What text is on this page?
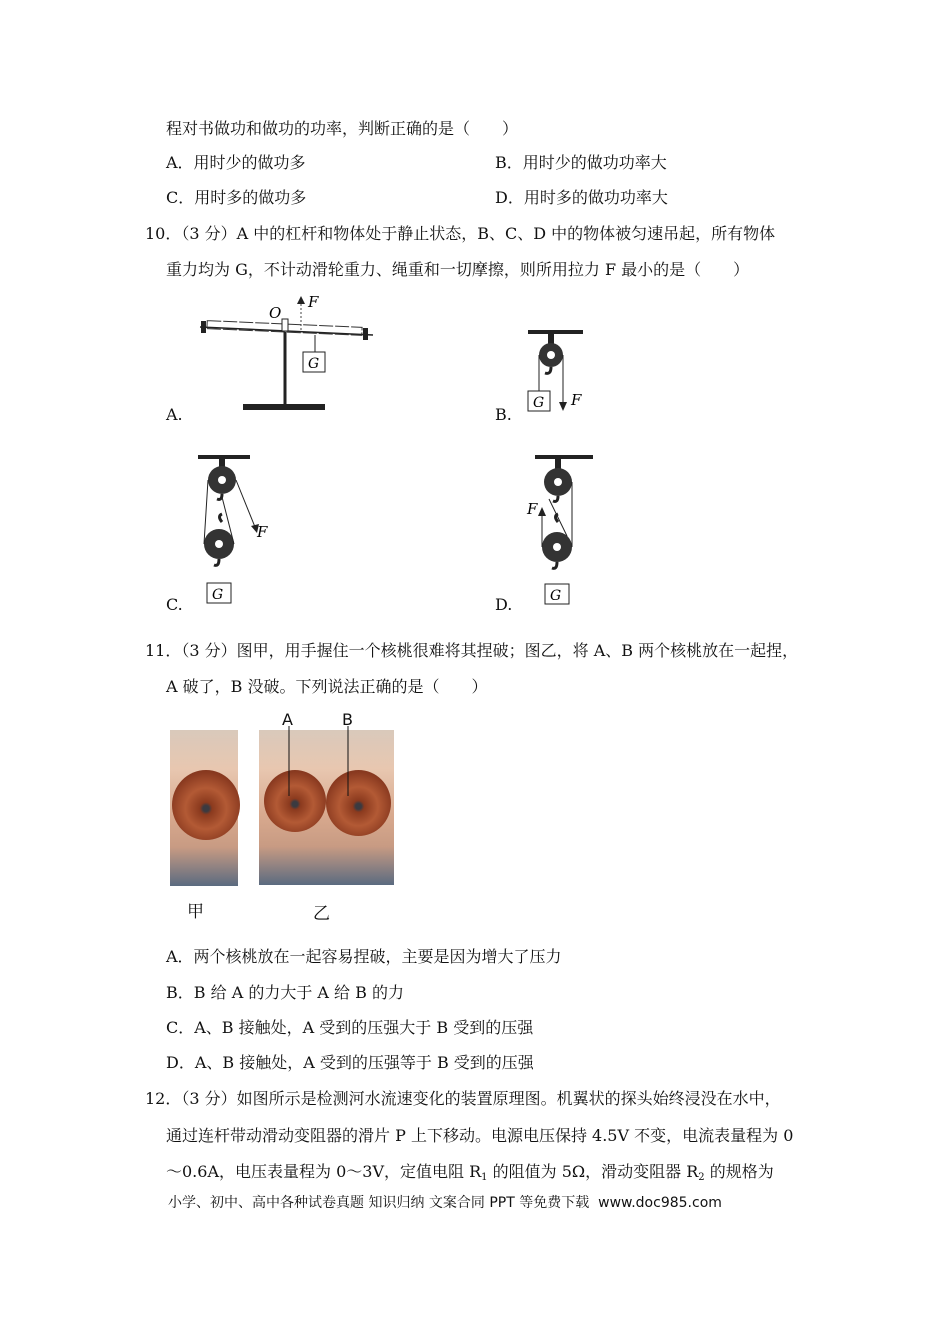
程对书做功和做功的功率，判断正确的是（　　）
A．用时少的做功多	B．用时少的做功功率大
C．用时多的做功多	D．用时多的做功功率大
10．（3 分）A 中的杠杆和物体处于静止状态，B、C、D 中的物体被匀速吊起，所有物体
重力均为 G，不计动滑轮重力、绳重和一切摩擦，则所用拉力 F 最小的是（　　）
A.
O
F
G
B.
F
G
C.
F
G	D.
F
G
11．（3 分）图甲，用手握住一个核桃很难将其捏破；图乙，将 A、B 两个核桃放在一起捏，
A 破了，B 没破。下列说法正确的是（　　）
A	B
甲	乙
A．两个核桃放在一起容易捏破，主要是因为增大了压力
B．B 给 A 的力大于 A 给 B 的力
C．A、B 接触处，A 受到的压强大于 B 受到的压强
D．A、B 接触处，A 受到的压强等于 B 受到的压强
12．（3 分）如图所示是检测河水流速变化的装置原理图。机翼状的探头始终浸没在水中，
通过连杆带动滑动变阻器的滑片 P 上下移动。电源电压保持 4.5V 不变，电流表量程为 0
～0.6A，电压表量程为 0～3V，定值电阻 $R_1$ 的阻值为 5Ω，滑动变阻器 $R_2$ 的规格为
小学、初中、高中各种试卷真题 知识归纳 文案合同 PPT 等免费下载 www.doc985.com
